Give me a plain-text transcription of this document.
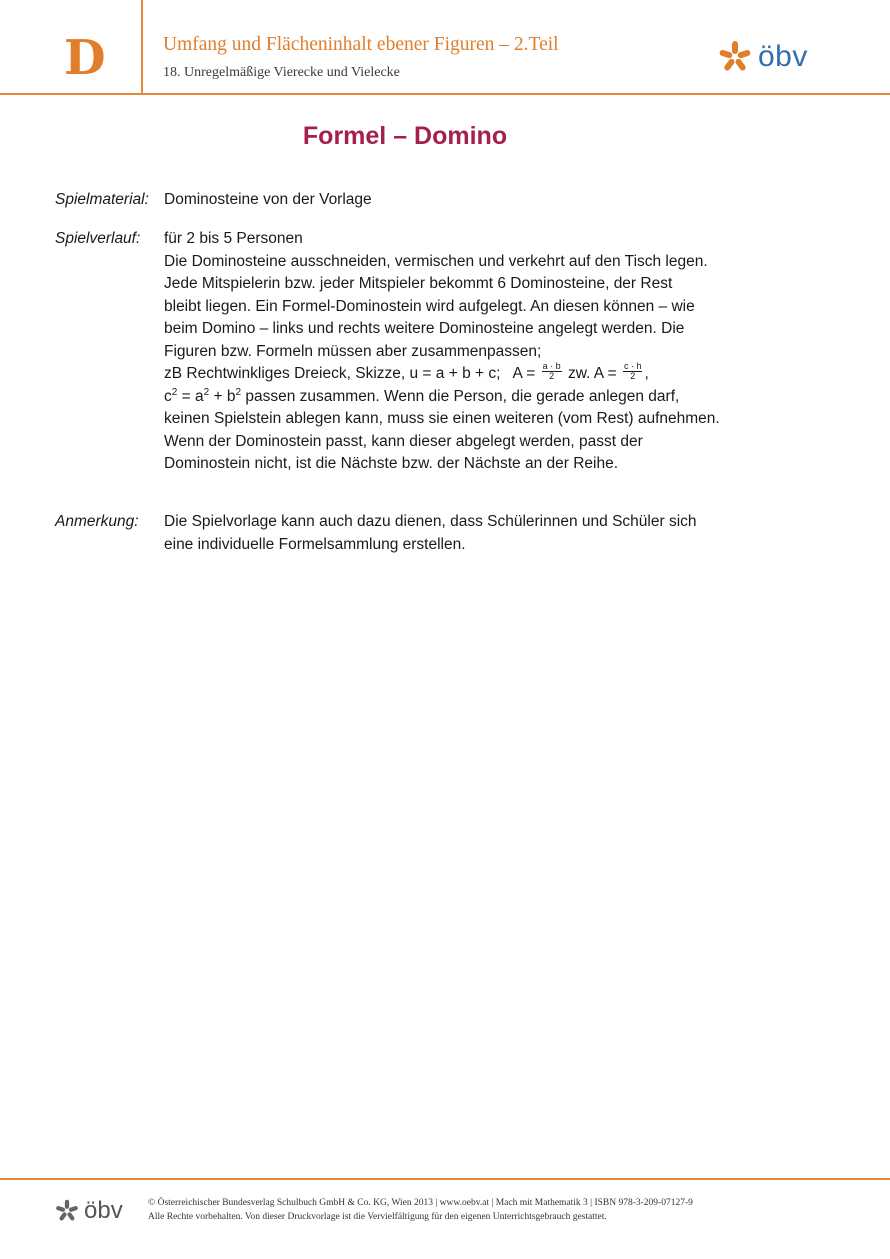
D	Umfang und Flächeninhalt ebener Figuren – 2.Teil
18. Unregelmäßige Vierecke und Vielecke	öbv
Formel – Domino
Spielmaterial: Dominosteine von der Vorlage
Spielverlauf: für 2 bis 5 Personen
Die Dominosteine ausschneiden, vermischen und verkehrt auf den Tisch legen.
Jede Mitspielerin bzw. jeder Mitspieler bekommt 6 Dominosteine, der Rest
bleibt liegen. Ein Formel-Dominostein wird aufgelegt. An diesen können – wie
beim Domino – links und rechts weitere Dominosteine angelegt werden. Die
Figuren bzw. Formeln müssen aber zusammenpassen;
zB Rechtwinkliges Dreieck, Skizze, u = a + b + c;   $A = \frac{a \cdot b}{2}$ zw. $A = \frac{c \cdot h}{2}$ ,
$c^2 = a^2 + b^2$ passen zusammen. Wenn die Person, die gerade anlegen darf,
keinen Spielstein ablegen kann, muss sie einen weiteren (vom Rest) aufnehmen.
Wenn der Dominostein passt, kann dieser abgelegt werden, passt der
Dominostein nicht, ist die Nächste bzw. der Nächste an der Reihe.
Anmerkung: Die Spielvorlage kann auch dazu dienen, dass Schülerinnen und Schüler sich
eine individuelle Formelsammlung erstellen.
öbv	© Österreichischer Bundesverlag Schulbuch GmbH & Co. KG, Wien 2013 | www.oebv.at | Mach mit Mathematik 3 | ISBN 978-3-209-07127-9
Alle Rechte vorbehalten. Von dieser Druckvorlage ist die Vervielfältigung für den eigenen Unterrichtsgebrauch gestattet.
